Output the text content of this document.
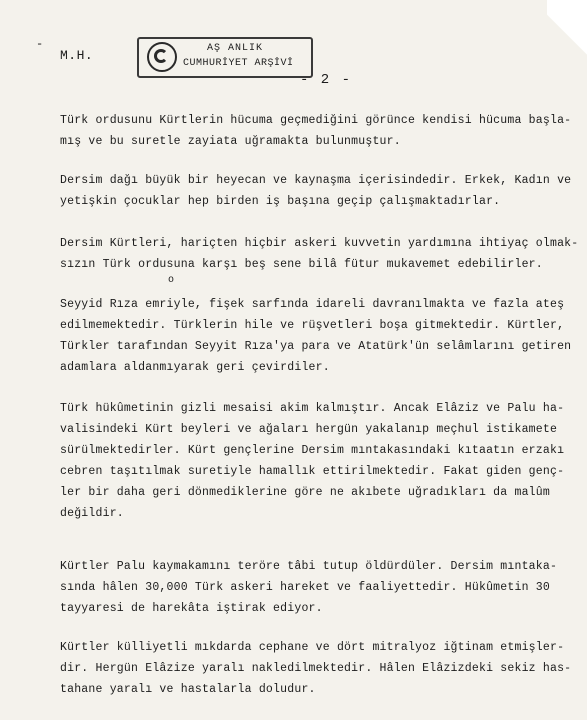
-
M.H.	AŞ ANLIK
CUMHURİYET ARŞİVİ
- 2 -
Türk ordusunu Kürtlerin hücuma geçmediğini görünce kendisi hücuma başla-
mış ve bu suretle zayiata uğramakta bulunmuştur.
Dersim dağı büyük bir heyecan ve kaynaşma içerisindedir. Erkek, Kadın ve
yetişkin çocuklar hep birden iş başına geçip çalışmaktadırlar.
Dersim Kürtleri, hariçten hiçbir askeri kuvvetin yardımına ihtiyaç olmak-
sızın Türk ordusuna karşı beş sene bilâ fütur mukavemet edebilirler.
o
Seyyid Rıza emriyle, fişek sarfında idareli davranılmakta ve fazla ateş
edilmemektedir. Türklerin hile ve rüşvetleri boşa gitmektedir. Kürtler,
Türkler tarafından Seyyit Rıza'ya para ve Atatürk'ün selâmlarını getiren
adamlara aldanmıyarak geri çevirdiler.
Türk hükûmetinin gizli mesaisi akim kalmıştır. Ancak Elâziz ve Palu ha-
valisindeki Kürt beyleri ve ağaları hergün yakalanıp meçhul istikamete
sürülmektedirler. Kürt gençlerine Dersim mıntakasındaki kıtaatın erzakı
cebren taşıtılmak suretiyle hamallık ettirilmektedir. Fakat giden genç-
ler bir daha geri dönmediklerine göre ne akıbete uğradıkları da malûm
değildir.
Kürtler Palu kaymakamını teröre tâbi tutup öldürdüler. Dersim mıntaka-
sında hâlen 30,000 Türk askeri hareket ve faaliyettedir. Hükûmetin 30
tayyaresi de harekâta iştirak ediyor.
Kürtler külliyetli mıkdarda cephane ve dört mitralyoz iğtinam etmişler-
dir. Hergün Elâzize yaralı nakledilmektedir. Hâlen Elâzizdeki sekiz has-
tahane yaralı ve hastalarla doludur.
